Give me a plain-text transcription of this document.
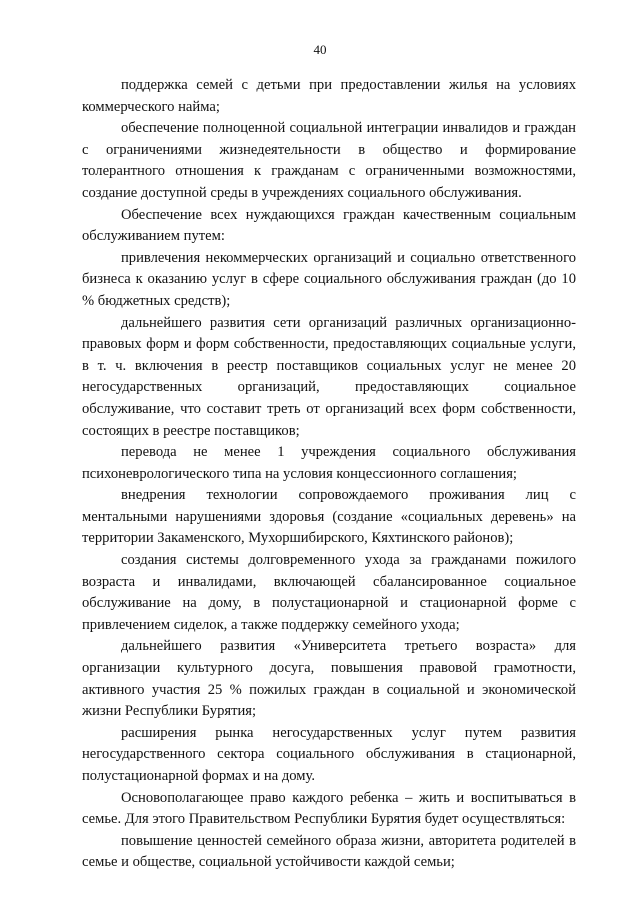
40

поддержка семей с детьми при предоставлении жилья на условиях коммерческого найма;

обеспечение полноценной социальной интеграции инвалидов и граждан с ограничениями жизнедеятельности в общество и формирование толерантного отношения к гражданам с ограниченными возможностями, создание доступной среды в учреждениях социального обслуживания.

Обеспечение всех нуждающихся граждан качественным социальным обслуживанием путем:

привлечения некоммерческих организаций и социально ответственного бизнеса к оказанию услуг в сфере социального обслуживания граждан (до 10 % бюджетных средств);

дальнейшего развития сети организаций различных организационно-правовых форм и форм собственности, предоставляющих социальные услуги, в т. ч. включения в реестр поставщиков социальных услуг не менее 20 негосударственных организаций, предоставляющих социальное обслуживание, что составит треть от организаций всех форм собственности, состоящих в реестре поставщиков;

перевода не менее 1 учреждения социального обслуживания психоневрологического типа на условия концессионного соглашения;

внедрения технологии сопровождаемого проживания лиц с ментальными нарушениями здоровья (создание «социальных деревень» на территории Закаменского, Мухоршибирского, Кяхтинского районов);

создания системы долговременного ухода за гражданами пожилого возраста и инвалидами, включающей сбалансированное социальное обслуживание на дому, в полустационарной и стационарной форме с привлечением сиделок, а также поддержку семейного ухода;

дальнейшего развития «Университета третьего возраста» для организации культурного досуга, повышения правовой грамотности, активного участия 25 % пожилых граждан в социальной и экономической жизни Республики Бурятия;

расширения рынка негосударственных услуг путем развития негосударственного сектора социального обслуживания в стационарной, полустационарной формах и на дому.

Основополагающее право каждого ребенка – жить и воспитываться в семье. Для этого Правительством Республики Бурятия будет осуществляться:

повышение ценностей семейного образа жизни, авторитета родителей в семье и обществе, социальной устойчивости каждой семьи;
